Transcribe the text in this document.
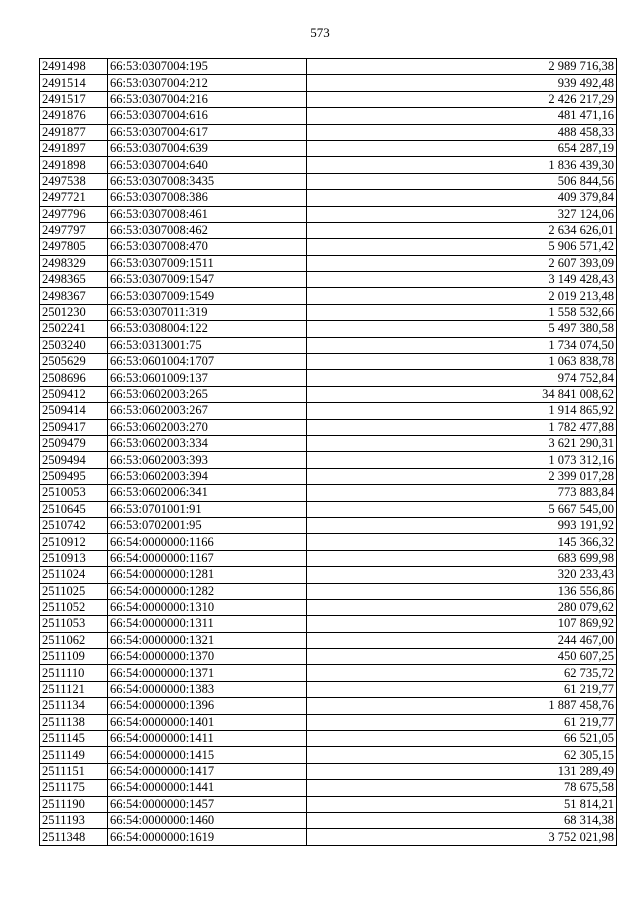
573
2491498	66:53:0307004:195	2 989 716,38
2491514	66:53:0307004:212	939 492,48
2491517	66:53:0307004:216	2 426 217,29
2491876	66:53:0307004:616	481 471,16
2491877	66:53:0307004:617	488 458,33
2491897	66:53:0307004:639	654 287,19
2491898	66:53:0307004:640	1 836 439,30
2497538	66:53:0307008:3435	506 844,56
2497721	66:53:0307008:386	409 379,84
2497796	66:53:0307008:461	327 124,06
2497797	66:53:0307008:462	2 634 626,01
2497805	66:53:0307008:470	5 906 571,42
2498329	66:53:0307009:1511	2 607 393,09
2498365	66:53:0307009:1547	3 149 428,43
2498367	66:53:0307009:1549	2 019 213,48
2501230	66:53:0307011:319	1 558 532,66
2502241	66:53:0308004:122	5 497 380,58
2503240	66:53:0313001:75	1 734 074,50
2505629	66:53:0601004:1707	1 063 838,78
2508696	66:53:0601009:137	974 752,84
2509412	66:53:0602003:265	34 841 008,62
2509414	66:53:0602003:267	1 914 865,92
2509417	66:53:0602003:270	1 782 477,88
2509479	66:53:0602003:334	3 621 290,31
2509494	66:53:0602003:393	1 073 312,16
2509495	66:53:0602003:394	2 399 017,28
2510053	66:53:0602006:341	773 883,84
2510645	66:53:0701001:91	5 667 545,00
2510742	66:53:0702001:95	993 191,92
2510912	66:54:0000000:1166	145 366,32
2510913	66:54:0000000:1167	683 699,98
2511024	66:54:0000000:1281	320 233,43
2511025	66:54:0000000:1282	136 556,86
2511052	66:54:0000000:1310	280 079,62
2511053	66:54:0000000:1311	107 869,92
2511062	66:54:0000000:1321	244 467,00
2511109	66:54:0000000:1370	450 607,25
2511110	66:54:0000000:1371	62 735,72
2511121	66:54:0000000:1383	61 219,77
2511134	66:54:0000000:1396	1 887 458,76
2511138	66:54:0000000:1401	61 219,77
2511145	66:54:0000000:1411	66 521,05
2511149	66:54:0000000:1415	62 305,15
2511151	66:54:0000000:1417	131 289,49
2511175	66:54:0000000:1441	78 675,58
2511190	66:54:0000000:1457	51 814,21
2511193	66:54:0000000:1460	68 314,38
2511348	66:54:0000000:1619	3 752 021,98
